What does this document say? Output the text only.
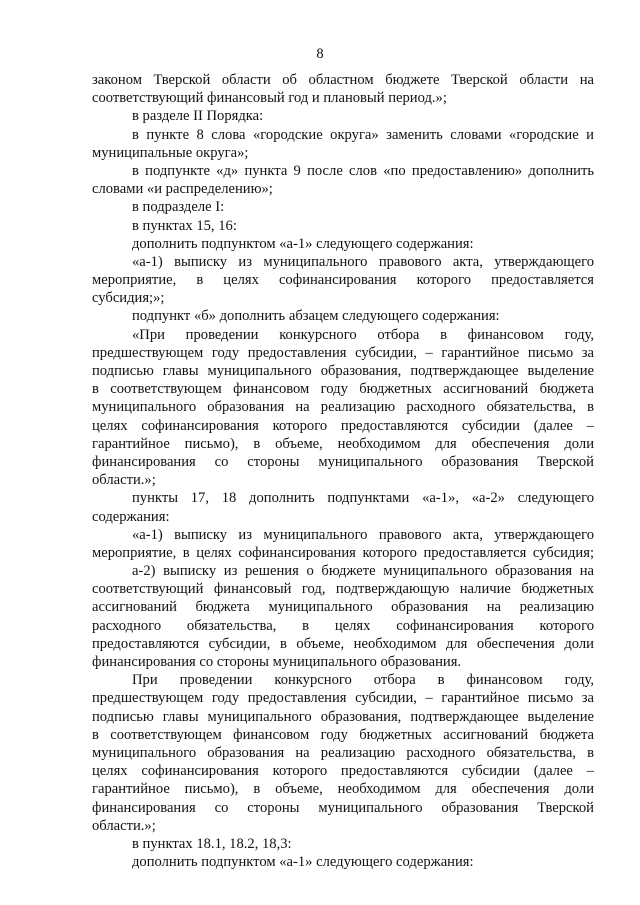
8
законом Тверской области об областном бюджете Тверской области на
соответствующий финансовый год и плановый период.»;
в разделе II Порядка:
в пункте 8 слова «городские округа» заменить словами «городские и
муниципальные округа»;
в подпункте «д» пункта 9 после слов «по предоставлению» дополнить
словами «и распределению»;
в подразделе I:
в пунктах 15, 16:
дополнить подпунктом «а-1» следующего содержания:
«а-1) выписку из муниципального правового акта, утверждающего
мероприятие, в целях софинансирования которого предоставляется
субсидия;»;
подпункт «б» дополнить абзацем следующего содержания:
«При проведении конкурсного отбора в финансовом году,
предшествующем году предоставления субсидии, – гарантийное письмо за
подписью главы муниципального образования, подтверждающее выделение
в соответствующем финансовом году бюджетных ассигнований бюджета
муниципального образования на реализацию расходного обязательства, в
целях софинансирования которого предоставляются субсидии (далее –
гарантийное письмо), в объеме, необходимом для обеспечения доли
финансирования со стороны муниципального образования Тверской
области.»;
пункты 17, 18 дополнить подпунктами «а-1», «а-2» следующего
содержания:
«а-1) выписку из муниципального правового акта, утверждающего
мероприятие, в целях софинансирования которого предоставляется субсидия;
а-2) выписку из решения о бюджете муниципального образования на
соответствующий финансовый год, подтверждающую наличие бюджетных
ассигнований бюджета муниципального образования на реализацию
расходного обязательства, в целях софинансирования которого
предоставляются субсидии, в объеме, необходимом для обеспечения доли
финансирования со стороны муниципального образования.
При проведении конкурсного отбора в финансовом году,
предшествующем году предоставления субсидии, – гарантийное письмо за
подписью главы муниципального образования, подтверждающее выделение
в соответствующем финансовом году бюджетных ассигнований бюджета
муниципального образования на реализацию расходного обязательства, в
целях софинансирования которого предоставляются субсидии (далее –
гарантийное письмо), в объеме, необходимом для обеспечения доли
финансирования со стороны муниципального образования Тверской
области.»;
в пунктах 18.1, 18.2, 18,3:
дополнить подпунктом «а-1» следующего содержания:
